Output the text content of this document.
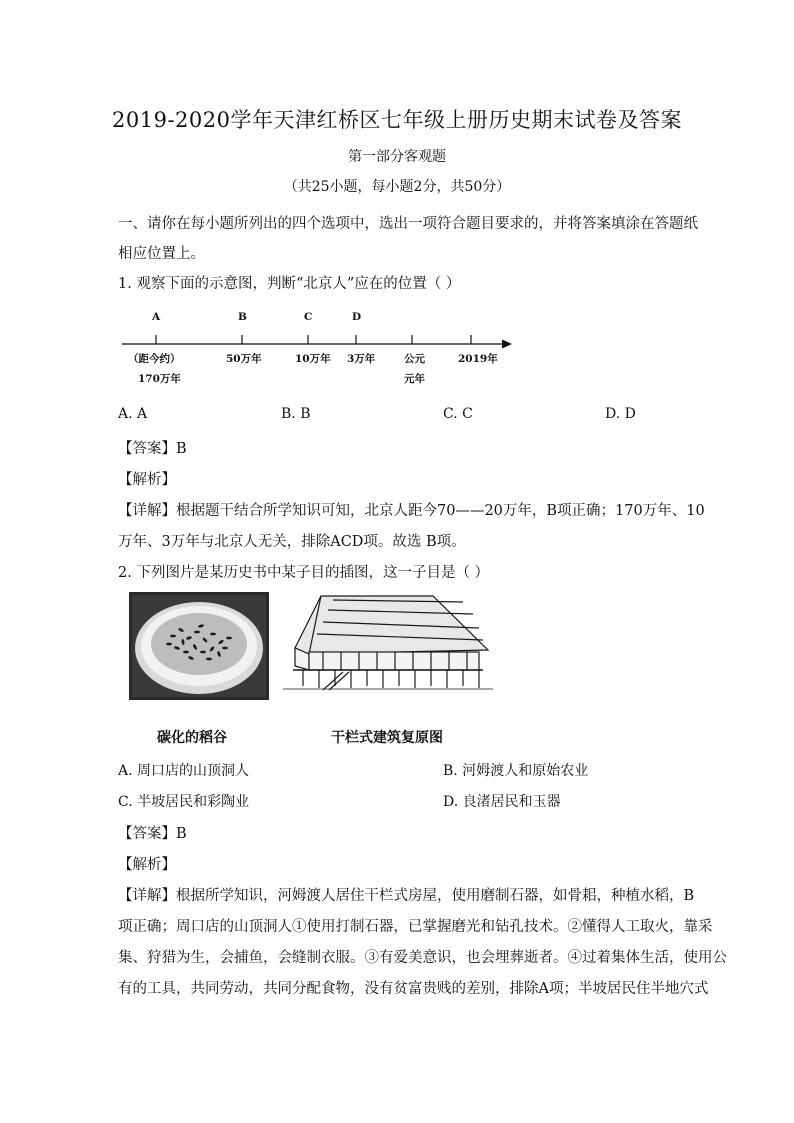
2019-2020学年天津红桥区七年级上册历史期末试卷及答案
第一部分客观题
（共25小题，每小题2分，共50分）
一、请你在每小题所列出的四个选项中，选出一项符合题目要求的，并将答案填涂在答题纸
相应位置上。
1. 观察下面的示意图，判断“北京人”应在的位置（ ）
A	B	C	D
（距今约）
170万年
50万年	10万年 3万年	公元
元年
2019年
A. A	B. B	C. C	D. D
【答案】B
【解析】
【详解】根据题干结合所学知识可知，北京人距今70——20万年，B项正确；170万年、10
万年、3万年与北京人无关，排除ACD项。故选 B项。
2. 下列图片是某历史书中某子目的插图，这一子目是（ ）
碳化的稻谷	干栏式建筑复原图
A. 周口店的山顶洞人	B. 河姆渡人和原始农业
C. 半坡居民和彩陶业	D. 良渚居民和玉器
【答案】B
【解析】
【详解】根据所学知识，河姆渡人居住干栏式房屋，使用磨制石器，如骨耜，种植水稻，B
项正确；周口店的山顶洞人①使用打制石器，已掌握磨光和钻孔技术。②懂得人工取火，靠采
集、狩猎为生，会捕鱼，会缝制衣服。③有爱美意识，也会埋葬逝者。④过着集体生活，使用公
有的工具，共同劳动，共同分配食物，没有贫富贵贱的差别，排除A项；半坡居民住半地穴式
